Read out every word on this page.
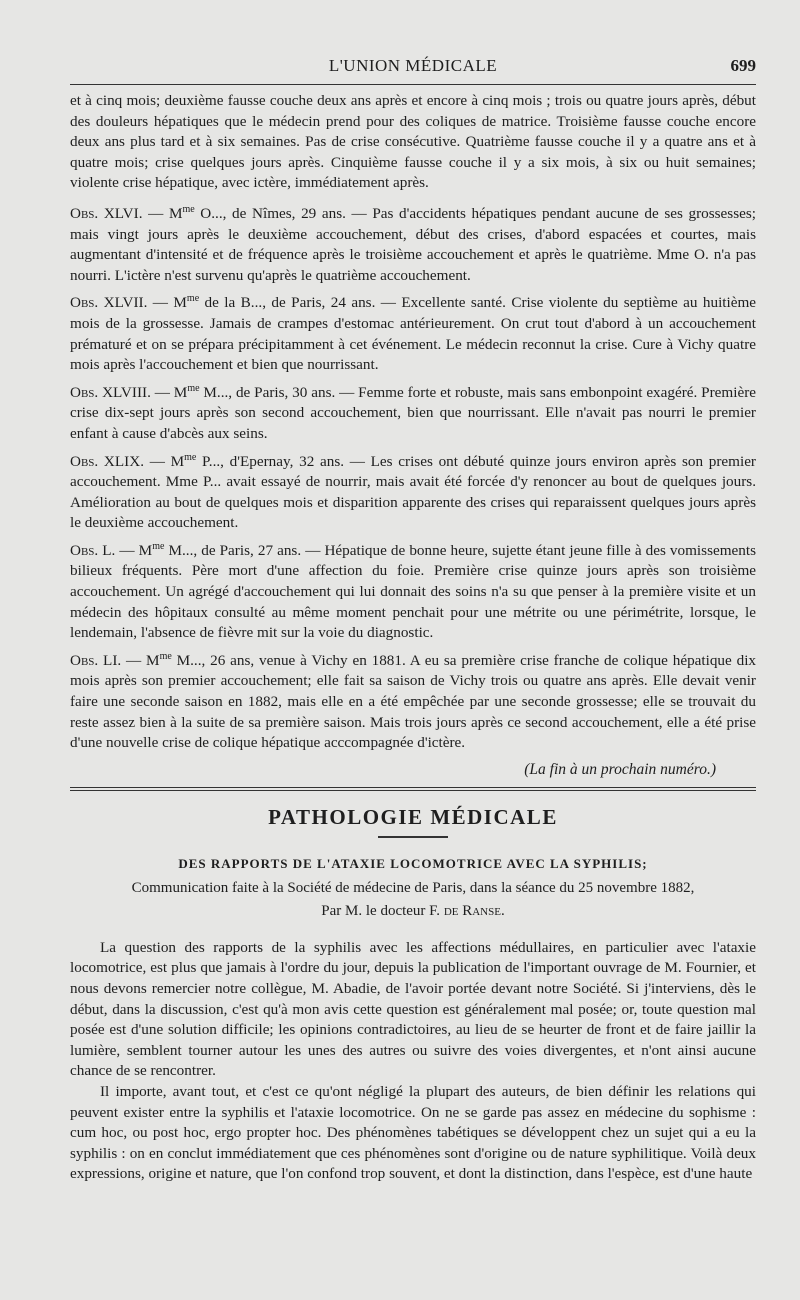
L'UNION MÉDICALE	699

et à cinq mois; deuxième fausse couche deux ans après et encore à cinq mois ; trois ou quatre jours après, début des douleurs hépatiques que le médecin prend pour des coliques de matrice. Troisième fausse couche encore deux ans plus tard et à six semaines. Pas de crise consécutive. Quatrième fausse couche il y a quatre ans et à quatre mois; crise quelques jours après. Cinquième fausse couche il y a six mois, à six ou huit semaines; violente crise hépatique, avec ictère, immédiatement après.

Obs. XLVI. — $M^{me}$ O..., de Nîmes, 29 ans. — Pas d'accidents hépatiques pendant aucune de ses grossesses; mais vingt jours après le deuxième accouchement, début des crises, d'abord espacées et courtes, mais augmentant d'intensité et de fréquence après le troisième accouchement et après le quatrième. Mme O. n'a pas nourri. L'ictère n'est survenu qu'après le quatrième accouchement.

Obs. XLVII. — $M^{me}$ de la B..., de Paris, 24 ans. — Excellente santé. Crise violente du septième au huitième mois de la grossesse. Jamais de crampes d'estomac antérieurement. On crut tout d'abord à un accouchement prématuré et on se prépara précipitamment à cet événement. Le médecin reconnut la crise. Cure à Vichy quatre mois après l'accouchement et bien que nourrissant.

Obs. XLVIII. — $M^{me}$ M..., de Paris, 30 ans. — Femme forte et robuste, mais sans embonpoint exagéré. Première crise dix-sept jours après son second accouchement, bien que nourrissant. Elle n'avait pas nourri le premier enfant à cause d'abcès aux seins.

Obs. XLIX. — $M^{me}$ P..., d'Epernay, 32 ans. — Les crises ont débuté quinze jours environ après son premier accouchement. Mme P... avait essayé de nourrir, mais avait été forcée d'y renoncer au bout de quelques jours. Amélioration au bout de quelques mois et disparition apparente des crises qui reparaissent quelques jours après le deuxième accouchement.

Obs. L. — $M^{me}$ M..., de Paris, 27 ans. — Hépatique de bonne heure, sujette étant jeune fille à des vomissements bilieux fréquents. Père mort d'une affection du foie. Première crise quinze jours après son troisième accouchement. Un agrégé d'accouchement qui lui donnait des soins n'a su que penser à la première visite et un médecin des hôpitaux consulté au même moment penchait pour une métrite ou une périmétrite, lorsque, le lendemain, l'absence de fièvre mit sur la voie du diagnostic.

Obs. LI. — $M^{me}$ M..., 26 ans, venue à Vichy en 1881. A eu sa première crise franche de colique hépatique dix mois après son premier accouchement; elle fait sa saison de Vichy trois ou quatre ans après. Elle devait venir faire une seconde saison en 1882, mais elle en a été empêchée par une seconde grossesse; elle se trouvait du reste assez bien à la suite de sa première saison. Mais trois jours après ce second accouchement, elle a été prise d'une nouvelle crise de colique hépatique acccompagnée d'ictère.

(La fin à un prochain numéro.)
PATHOLOGIE MÉDICALE
DES RAPPORTS DE L'ATAXIE LOCOMOTRICE AVEC LA SYPHILIS;
Communication faite à la Société de médecine de Paris, dans la séance du 25 novembre 1882,
Par M. le docteur F. de Ranse.

La question des rapports de la syphilis avec les affections médullaires, en particulier avec l'ataxie locomotrice, est plus que jamais à l'ordre du jour, depuis la publication de l'important ouvrage de M. Fournier, et nous devons remercier notre collègue, M. Abadie, de l'avoir portée devant notre Société. Si j'interviens, dès le début, dans la discussion, c'est qu'à mon avis cette question est généralement mal posée; or, toute question mal posée est d'une solution difficile; les opinions contradictoires, au lieu de se heurter de front et de faire jaillir la lumière, semblent tourner autour les unes des autres ou suivre des voies divergentes, et n'ont ainsi aucune chance de se rencontrer.

Il importe, avant tout, et c'est ce qu'ont négligé la plupart des auteurs, de bien définir les relations qui peuvent exister entre la syphilis et l'ataxie locomotrice. On ne se garde pas assez en médecine du sophisme : cum hoc, ou post hoc, ergo propter hoc. Des phénomènes tabétiques se développent chez un sujet qui a eu la syphilis : on en conclut immédiatement que ces phénomènes sont d'origine ou de nature syphilitique. Voilà deux expressions, origine et nature, que l'on confond trop souvent, et dont la distinction, dans l'espèce, est d'une haute
